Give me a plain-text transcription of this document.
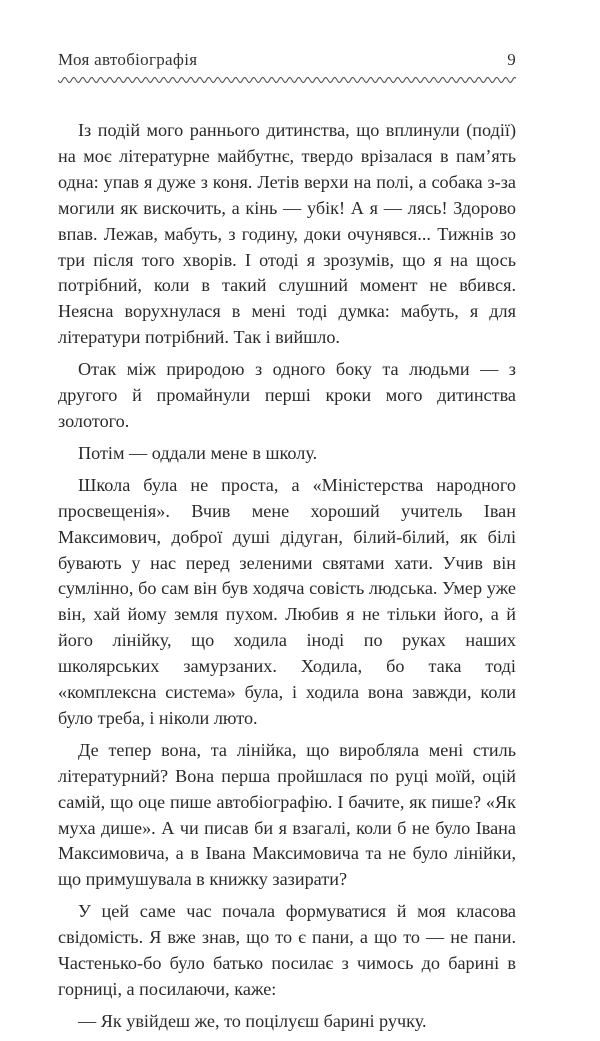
Моя автобіографія	9

Із подій мого раннього дитинства, що вплинули (події) на моє літературне майбутнє, твердо врізалася в пам’ять одна: упав я дуже з коня. Летів верхи на полі, а собака з-за могили як вискочить, а кінь — убік! А я — лясь! Здорово впав. Лежав, мабуть, з годину, доки очунявся... Тижнів зо три після того хворів. І отоді я зрозумів, що я на щось потрібний, коли в такий слушний момент не вбився. Неясна ворухнулася в мені тоді думка: мабуть, я для літератури потрібний. Так і вийшло.

Отак між природою з одного боку та людьми — з другого й промайнули перші кроки мого дитинства золотого.

Потім — оддали мене в школу.

Школа була не проста, а «Міністерства народного просвещенія». Вчив мене хороший учитель Іван Максимович, доброї душі дідуган, білий-білий, як білі бувають у нас перед зеленими святами хати. Учив він сумлінно, бо сам він був ходяча совість людська. Умер уже він, хай йому земля пухом. Любив я не тільки його, а й його лінійку, що ходила іноді по руках наших школярських замурзаних. Ходила, бо така тоді «комплексна система» була, і ходила вона завжди, коли було треба, і ніколи люто.

Де тепер вона, та лінійка, що виробляла мені стиль літературний? Вона перша пройшлася по руці моїй, оцій самій, що оце пише автобіографію. І бачите, як пише? «Як муха дише». А чи писав би я взагалі, коли б не було Івана Максимовича, а в Івана Максимовича та не було лінійки, що примушувала в книжку зазирати?

У цей саме час почала формуватися й моя класова свідомість. Я вже знав, що то є пани, а що то — не пани. Частенько-бо було батько посилає з чимось до барині в горниці, а посилаючи, каже:

— Як увійдеш же, то поцілуєш барині ручку.
